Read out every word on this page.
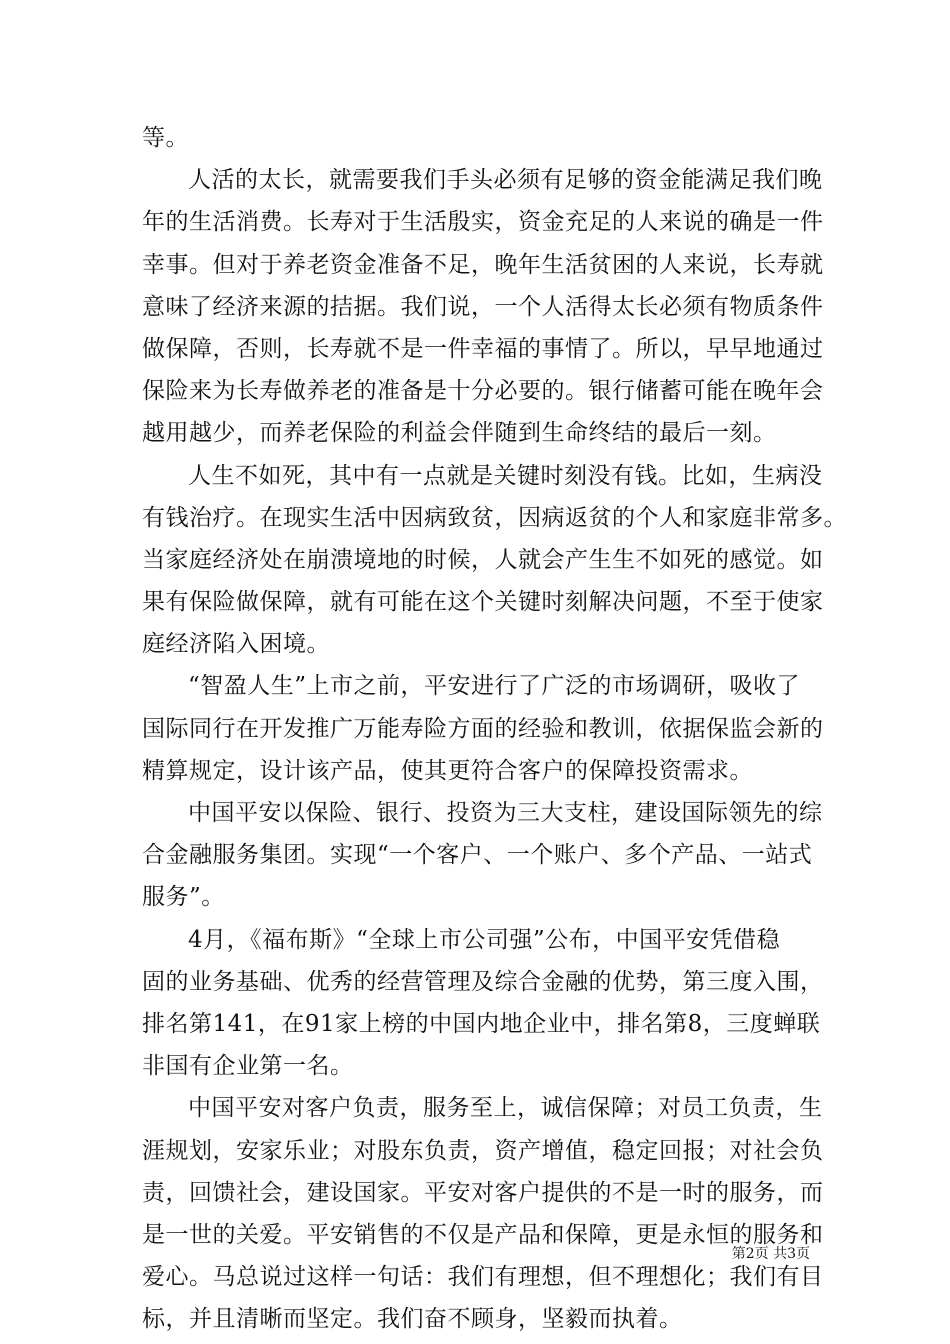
等。

人活的太长，就需要我们手头必须有足够的资金能满足我们晚

年的生活消费。长寿对于生活殷实，资金充足的人来说的确是一件

幸事。但对于养老资金准备不足，晚年生活贫困的人来说，长寿就

意味了经济来源的拮据。我们说，一个人活得太长必须有物质条件

做保障，否则，长寿就不是一件幸福的事情了。所以，早早地通过

保险来为长寿做养老的准备是十分必要的。银行储蓄可能在晚年会

越用越少，而养老保险的利益会伴随到生命终结的最后一刻。

人生不如死，其中有一点就是关键时刻没有钱。比如，生病没

有钱治疗。在现实生活中因病致贫，因病返贫的个人和家庭非常多。

当家庭经济处在崩溃境地的时候，人就会产生生不如死的感觉。如

果有保险做保障，就有可能在这个关键时刻解决问题，不至于使家

庭经济陷入困境。

“智盈人生”上市之前，平安进行了广泛的市场调研，吸收了

国际同行在开发推广万能寿险方面的经验和教训，依据保监会新的

精算规定，设计该产品，使其更符合客户的保障投资需求。

中国平安以保险、银行、投资为三大支柱，建设国际领先的综

合金融服务集团。实现“一个客户、一个账户、多个产品、一站式

服务”。

4月，《福布斯》“全球上市公司强”公布，中国平安凭借稳

固的业务基础、优秀的经营管理及综合金融的优势，第三度入围，

排名第141，在91家上榜的中国内地企业中，排名第8，三度蝉联

非国有企业第一名。

中国平安对客户负责，服务至上，诚信保障；对员工负责，生

涯规划，安家乐业；对股东负责，资产增值，稳定回报；对社会负

责，回馈社会，建设国家。平安对客户提供的不是一时的服务，而

是一世的关爱。平安销售的不仅是产品和保障，更是永恒的服务和

爱心。马总说过这样一句话：我们有理想，但不理想化；我们有目

标，并且清晰而坚定。我们奋不顾身，坚毅而执着。

第2页 共3页
